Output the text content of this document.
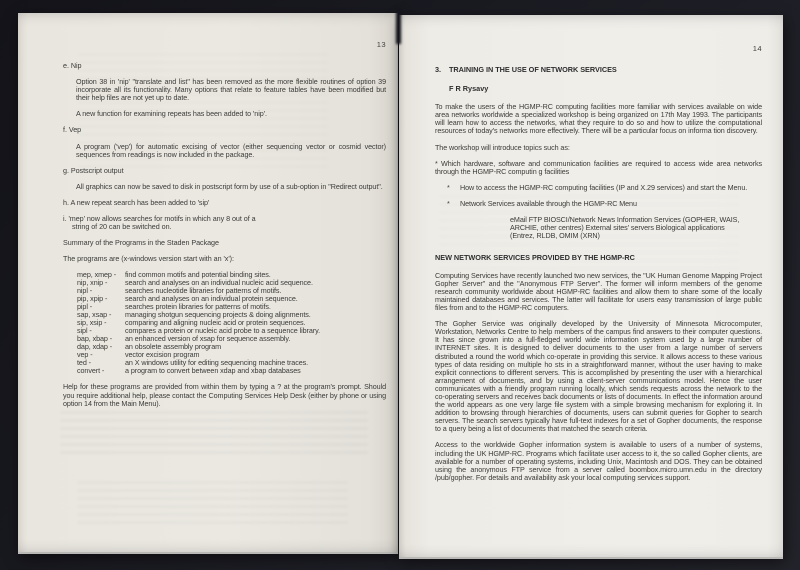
13
e. Nip

Option 38 in 'nip' "translate and list" has been removed as the more flexible routines of option 39 incorporate all its functionality. Many options that relate to feature tables have been modified but their help files are not yet up to date.

A new function for examining repeats has been added to 'nip'.

f. Vep

A program ('vep') for automatic excising of vector (either sequencing vector or cosmid vector) sequences from readings is now included in the package.

g. Postscript output

All graphics can now be saved to disk in postscript form by use of a sub-option in "Redirect output".

h. A new repeat search has been added to 'sip'
i. 'mep' now allows searches for motifs in which any 8 out of a
string of 20 can be switched on.
Summary of the Programs in the Staden Package
The programs are (x-windows version start with an 'x'):
mep, xmep -	find common motifs and potential binding sites.
nip, xnip -	search and analyses on an individual nucleic acid sequence.
nipl -	searches nucleotide libraries for patterns of motifs.
pip, xpip -	search and analyses on an individual protein sequence.
pipl -	searches protein libraries for patterns of motifs.
sap, xsap -	managing shotgun sequencing projects & doing alignments.
sip, xsip -	comparing and aligning nucleic acid or protein sequences.
sipl -	compares a protein or nucleic acid probe to a sequence library.
bap, xbap -	an enhanced version of xsap for sequence assembly.
dap, xdap -	an obsolete assembly program
vep -	vector excision program
ted -	an X windows utility for editing sequencing machine traces.
convert -	a program to convert between xdap and xbap databases

Help for these programs are provided from within them by typing a ? at the program's prompt. Should you require additional help, please contact the Computing Services Help Desk (either by phone or using option 14 from the Main Menu).

14
3.	TRAINING IN THE USE OF NETWORK SERVICES
F R Rysavy

To make the users of the HGMP-RC computing facilities more familiar with services available on wide area networks worldwide a specialized workshop is being organized on 17th May 1993. The participants will learn how to access the networks, what they require to do so and how to utilize the computational resources of today's networks more effectively. There will be a particular focus on informa tion discovery.

The workshop will introduce topics such as:

* Which hardware, software and communication facilities are required to access wide area networks through the HGMP-RC computin g facilities

*	How to access the HGMP-RC computing facilities (IP and X.29 services) and start the Menu.

*	Network Services available through the HGMP-RC Menu

eMail FTP BIOSCI/Network News Information Services (GOPHER, WAIS,
ARCHIE, other centres) External sites' servers Biological applications
(Entrez, RLDB, OMIM (XRN)
NEW NETWORK SERVICES PROVIDED BY THE HGMP-RC

Computing Services have recently launched two new services, the "UK Human Genome Mapping Project Gopher Server" and the "Anonymous FTP Server". The former will inform members of the genome research community worldwide about HGMP-RC facilities and allow them to share some of the locally maintained databases and services. The latter will facilitate for users easy transmission of large public files from and to the HGMP-RC computers.

The Gopher Service was originally developed by the University of Minnesota Microcomputer, Workstation, Networks Centre to help members of the campus find answers to their computer questions. It has since grown into a full-fledged world wide information system used by a large number of INTERNET sites. It is designed to deliver documents to the user from a large number of servers distributed a round the world which co-operate in providing this service. It allows access to these various types of data residing on multiple ho sts in a straightforward manner, without the user having to make explicit connections to different servers. This is accomplished by presenting the user with a hierarchical arrangement of documents, and by using a client-server communications model. Hence the user communicates with a friendly program running locally, which sends requests across the network to the co-operating servers and receives back documents or lists of documents. In effect the information around the world appears as one very large file system with a simple browsing mechanism for exploring it. In addition to browsing through hierarchies of documents, users can submit queries for Gopher to search servers. The search servers typically have full-text indexes for a set of Gopher documents, the response to a query being a list of documents that matched the search criteria.

Access to the worldwide Gopher information system is available to users of a number of systems, including the UK HGMP-RC. Programs which facilitate user access to it, the so called Gopher clients, are available for a number of operating systems, including Unix, Macintosh and DOS. They can be obtained using the anonymous FTP service from a server called boombox.micro.umn.edu in the directory /pub/gopher. For details and availability ask your local computing services support.
